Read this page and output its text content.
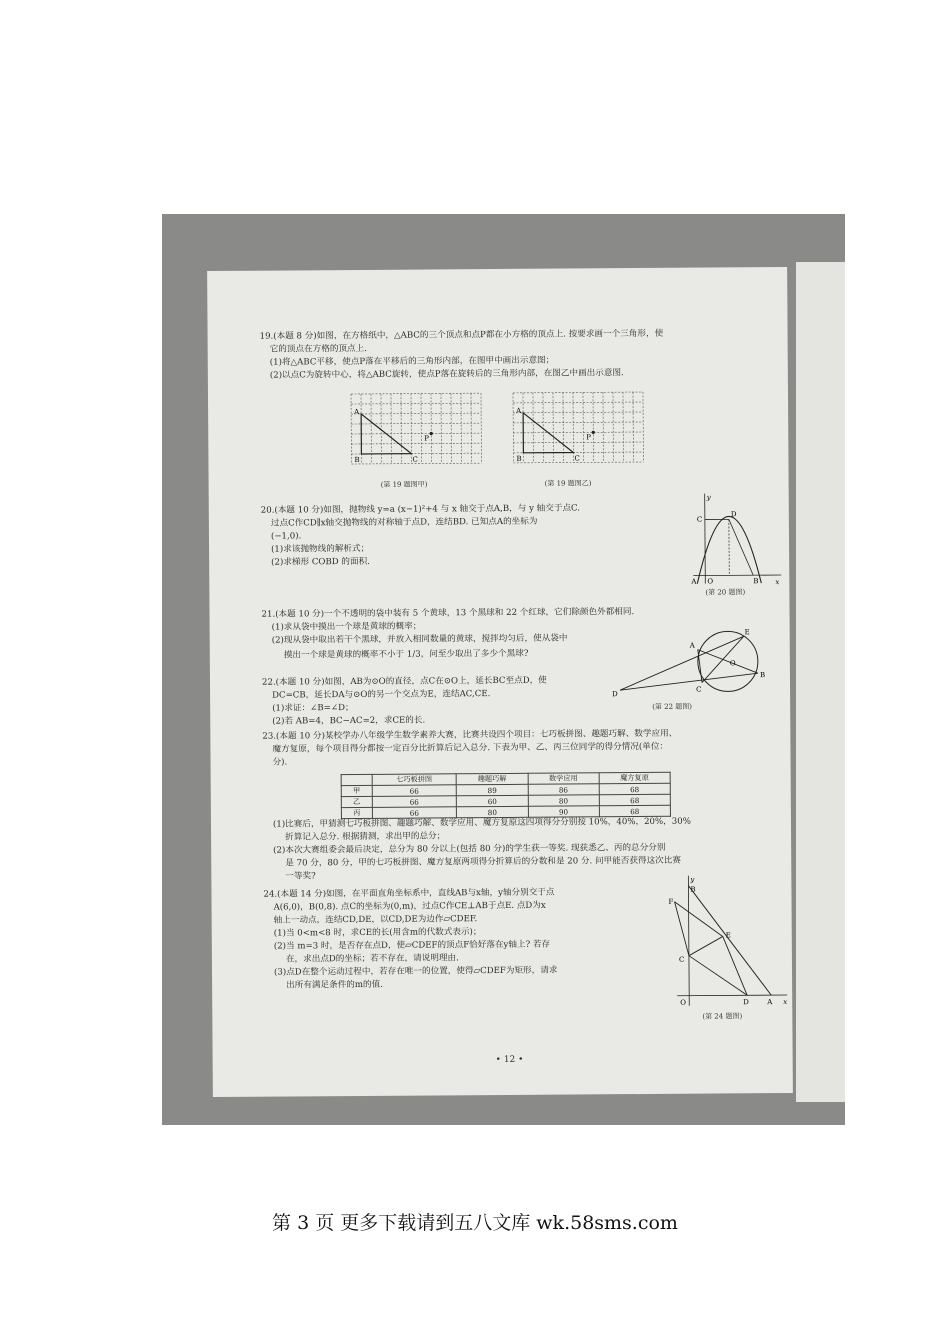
19.(本题 8 分)如图，在方格纸中，△ABC的三个顶点和点P都在小方格的顶点上. 按要求画一个三角形，使

它的顶点在方格的顶点上.

(1)将△ABC平移，使点P落在平移后的三角形内部，在图甲中画出示意图；

(2)以点C为旋转中心，将△ABC旋转，使点P落在旋转后的三角形内部，在图乙中画出示意图.

A
B	C
P
(第 19 题图甲)
A
B	C
P
(第 19 题图乙)

20.(本题 10 分)如图，抛物线 y=a (x−1)²+4 与 x 轴交于点A,B，与 y 轴交于点C.

过点C作CD∥x轴交抛物线的对称轴于点D，连结BD. 已知点A的坐标为

(−1,0).

(1)求该抛物线的解析式；

(2)求梯形 COBD 的面积.

y
x
C
D
A O	B
(第 20 题图)

21.(本题 10 分)一个不透明的袋中装有 5 个黄球，13 个黑球和 22 个红球，它们除颜色外都相同.

(1)求从袋中摸出一个球是黄球的概率；

(2)现从袋中取出若干个黑球，并放入相同数量的黄球，搅拌均匀后，使从袋中

摸出一个球是黄球的概率不小于 1/3，问至少取出了多少个黑球?

22.(本题 10 分)如图，AB为⊙O的直径，点C在⊙O上，延长BC至点D，使

DC=CB，延长DA与⊙O的另一个交点为E，连结AC,CE.

(1)求证：∠B=∠D；

(2)若 AB=4，BC−AC=2，求CE的长.

E
A
O
D
C
B
(第 22 题图)

23.(本题 10 分)某校学办八年级学生数学素养大赛，比赛共设四个项目：七巧板拼图、趣题巧解、数学应用、

魔方复原，每个项目得分都按一定百分比折算后记入总分. 下表为甲、乙、丙三位同学的得分情况(单位：

分).

	七巧板拼图	趣题巧解	数学应用	魔方复原
甲	66	89	86	68
乙	66	60	80	68
丙	66	80	90	68

(1)比赛后，甲猜测七巧板拼图、趣题巧解、数学应用、魔方复原这四项得分分别按 10%，40%，20%，30%

折算记入总分. 根据猜测，求出甲的总分；

(2)本次大赛组委会最后决定，总分为 80 分以上(包括 80 分)的学生获一等奖. 现获悉乙、丙的总分分别

是 70 分，80 分，甲的七巧板拼图、魔方复原两项得分折算后的分数和是 20 分. 问甲能否获得这次比赛

一等奖?

24.(本题 14 分)如图，在平面直角坐标系中，直线AB与x轴，y轴分别交于点

A(6,0)，B(0,8). 点C的坐标为(0,m)，过点C作CE⊥AB于点E. 点D为x

轴上一动点，连结CD,DE，以CD,DE为边作▱CDEF.

(1)当 0<m<8 时，求CE的长(用含m的代数式表示)；

(2)当 m=3 时，是否存在点D，使▱CDEF的顶点F恰好落在y轴上? 若存

在，求出点D的坐标；若不存在，请说明理由.

(3)点D在整个运动过程中，若存在唯一的位置，使得▱CDEF为矩形，请求

出所有满足条件的m的值.

y
B
F
E
C
O	D	A x
(第 24 题图)
• 12 •
第 3 页 更多下载请到五八文库 wk.58sms.com
